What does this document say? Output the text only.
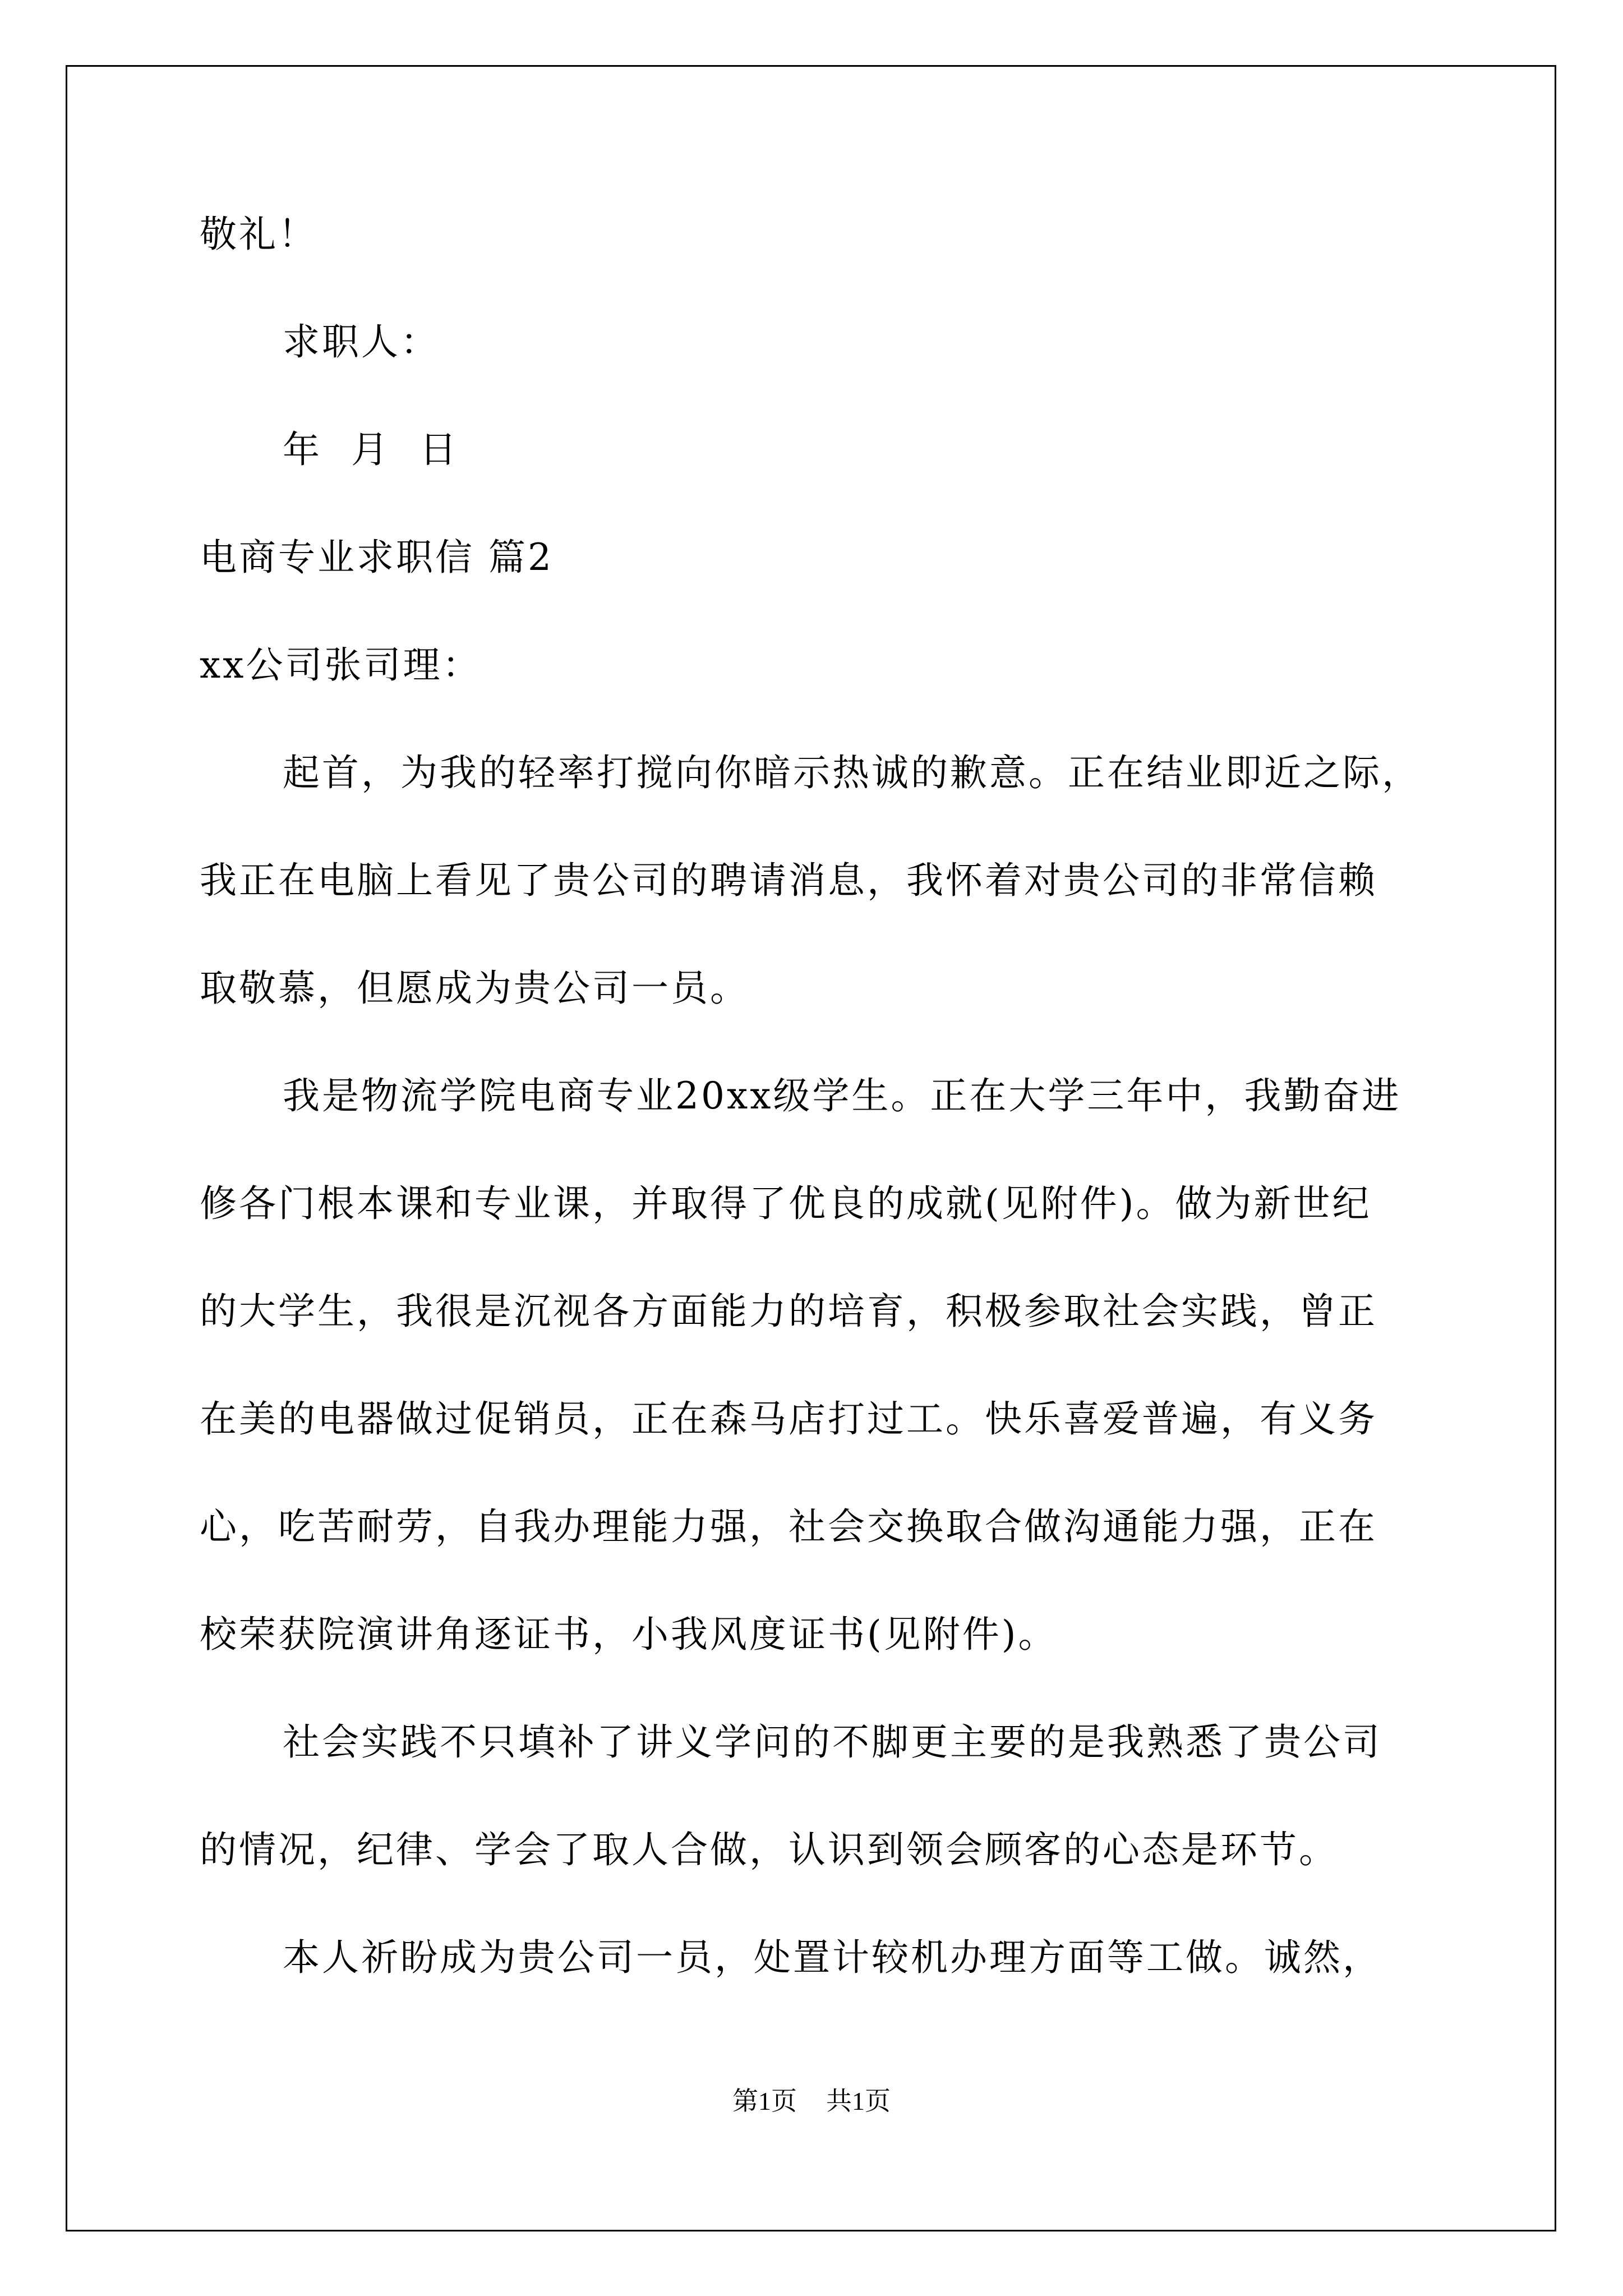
敬礼！
求职人：
年 月 日
电商专业求职信 篇2
xx公司张司理：
起首，为我的轻率打搅向你暗示热诚的歉意。正在结业即近之际，
我正在电脑上看见了贵公司的聘请消息，我怀着对贵公司的非常信赖
取敬慕，但愿成为贵公司一员。
我是物流学院电商专业20xx级学生。正在大学三年中，我勤奋进
修各门根本课和专业课，并取得了优良的成就(见附件)。做为新世纪
的大学生，我很是沉视各方面能力的培育，积极参取社会实践，曾正
在美的电器做过促销员，正在森马店打过工。快乐喜爱普遍，有义务
心，吃苦耐劳，自我办理能力强，社会交换取合做沟通能力强，正在
校荣获院演讲角逐证书，小我风度证书(见附件)。
社会实践不只填补了讲义学问的不脚更主要的是我熟悉了贵公司
的情况，纪律、学会了取人合做，认识到领会顾客的心态是环节。
本人祈盼成为贵公司一员，处置计较机办理方面等工做。诚然，
第1页 共1页
